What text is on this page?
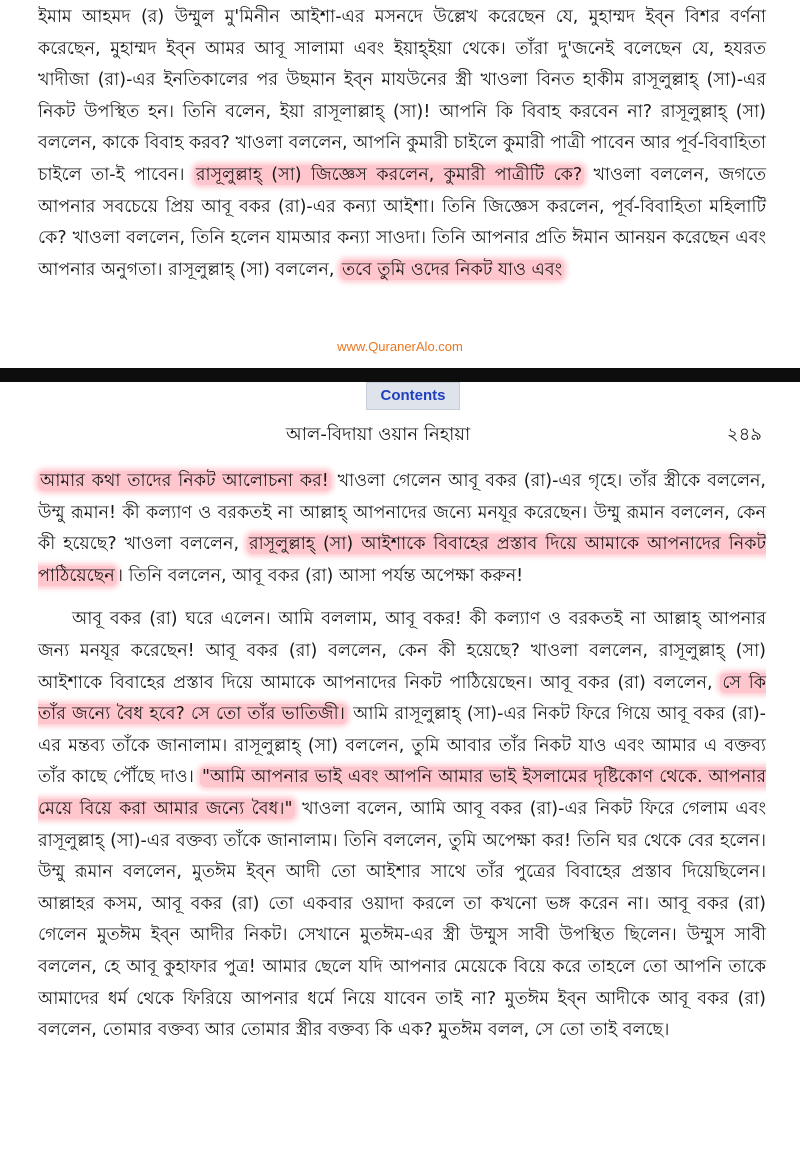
ইমাম আহমদ (র) উম্মুল মু'মিনীন আইশা-এর মসনদে উল্লেখ করেছেন যে, মুহাম্মদ ইব্‌ন বিশর বর্ণনা করেছেন, মুহাম্মদ ইব্‌ন আমর আবূ সালামা এবং ইয়াহ্‌ইয়া থেকে। তাঁরা দু'জনেই বলেছেন যে, হযরত খাদীজা (রা)-এর ইনতিকালের পর উছমান ইব্‌ন মাযউনের স্ত্রী খাওলা বিনত হাকীম রাসূলুল্লাহ্ (সা)-এর নিকট উপস্থিত হন। তিনি বলেন, ইয়া রাসূলাল্লাহ্ (সা)! আপনি কি বিবাহ করবেন না? রাসূলুল্লাহ্ (সা) বললেন, কাকে বিবাহ করব? খাওলা বললেন, আপনি কুমারী চাইলে কুমারী পাত্রী পাবেন আর পূর্ব-বিবাহিতা চাইলে তা-ই পাবেন। রাসূলুল্লাহ্ (সা) জিজ্ঞেস করলেন, কুমারী পাত্রীটি কে? খাওলা বললেন, জগতে আপনার সবচেয়ে প্রিয় আবূ বকর (রা)-এর কন্যা আইশা। তিনি জিজ্ঞেস করলেন, পূর্ব-বিবাহিতা মহিলাটি কে? খাওলা বললেন, তিনি হলেন যামআর কন্যা সাওদা। তিনি আপনার প্রতি ঈমান আনয়ন করেছেন এবং আপনার অনুগতা। রাসূলুল্লাহ্ (সা) বললেন, তবে তুমি ওদের নিকট যাও এবং

www.QuranerAlo.com
Contents
আল-বিদায়া ওয়ান নিহায়া	২৪৯

আমার কথা তাদের নিকট আলোচনা কর! খাওলা গেলেন আবূ বকর (রা)-এর গৃহে। তাঁর স্ত্রীকে বললেন, উম্মু রূমান! কী কল্যাণ ও বরকতই না আল্লাহ্ আপনাদের জন্যে মনযূর করেছেন। উম্মু রূমান বললেন, কেন কী হয়েছে? খাওলা বললেন, রাসূলুল্লাহ্ (সা) আইশাকে বিবাহের প্রস্তাব দিয়ে আমাকে আপনাদের নিকট পাঠিয়েছেন । তিনি বললেন, আবূ বকর (রা) আসা পর্যন্ত অপেক্ষা করুন!

আবূ বকর (রা) ঘরে এলেন। আমি বললাম, আবূ বকর! কী কল্যাণ ও বরকতই না আল্লাহ্ আপনার জন্য মনযূর করেছেন! আবূ বকর (রা) বললেন, কেন কী হয়েছে? খাওলা বললেন, রাসূলুল্লাহ্ (সা) আইশাকে বিবাহের প্রস্তাব দিয়ে আমাকে আপনাদের নিকট পাঠিয়েছেন। আবূ বকর (রা) বললেন, সে কি তাঁর জন্যে বৈধ হবে? সে তো তাঁর ভাতিজী। আমি রাসূলুল্লাহ্ (সা)-এর নিকট ফিরে গিয়ে আবূ বকর (রা)-এর মন্তব্য তাঁকে জানালাম। রাসূলুল্লাহ্ (সা) বললেন, তুমি আবার তাঁর নিকট যাও এবং আমার এ বক্তব্য তাঁর কাছে পৌঁছে দাও। "আমি আপনার ভাই এবং আপনি আমার ভাই ইসলামের দৃষ্টিকোণ থেকে. আপনার মেয়ে বিয়ে করা আমার জন্যে বৈধ।" খাওলা বলেন, আমি আবূ বকর (রা)-এর নিকট ফিরে গেলাম এবং রাসূলুল্লাহ্ (সা)-এর বক্তব্য তাঁকে জানালাম। তিনি বললেন, তুমি অপেক্ষা কর! তিনি ঘর থেকে বের হলেন। উম্মু রূমান বললেন, মুতঈম ইব্‌ন আদী তো আইশার সাথে তাঁর পুত্রের বিবাহের প্রস্তাব দিয়েছিলেন। আল্লাহর কসম, আবূ বকর (রা) তো একবার ওয়াদা করলে তা কখনো ভঙ্গ করেন না। আবূ বকর (রা) গেলেন মুতঈম ইব্‌ন আদীর নিকট। সেখানে মুতঈম-এর স্ত্রী উম্মুস সাবী উপস্থিত ছিলেন। উম্মুস সাবী বললেন, হে আবূ কুহাফার পুত্র! আমার ছেলে যদি আপনার মেয়েকে বিয়ে করে তাহলে তো আপনি তাকে আমাদের ধর্ম থেকে ফিরিয়ে আপনার ধর্মে নিয়ে যাবেন তাই না? মুতঈম ইব্‌ন আদীকে আবূ বকর (রা) বললেন, তোমার বক্তব্য আর তোমার স্ত্রীর বক্তব্য কি এক? মুতঈম বলল, সে তো তাই বলছে।
